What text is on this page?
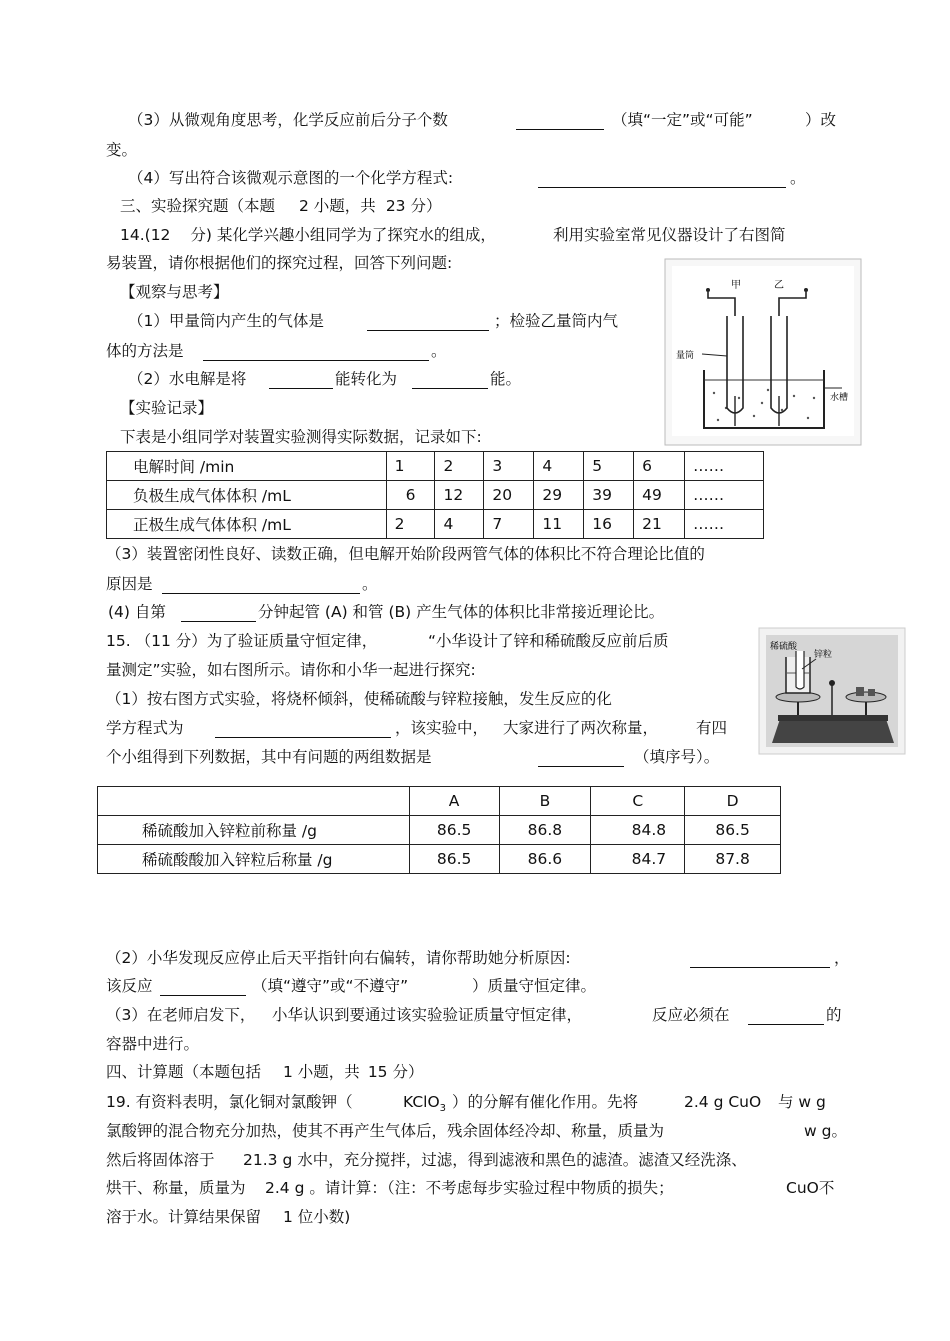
（3）从微观角度思考，化学反应前后分子个数	（填“一定”或“可能”	）改
变。
（4）写出符合该微观示意图的一个化学方程式:	。
三、实验探究题（本题 2 小题，共 23 分）
14.(12 分) 某化学兴趣小组同学为了探究水的组成，	利用实验室常见仪器设计了右图简
易装置，请你根据他们的探究过程，回答下列问题:
【观察与思考】
（1）甲量筒内产生的气体是	；检验乙量筒内气
体的方法是	。
（2）水电解是将	能转化为	能。
【实验记录】
下表是小组同学对装置实验测得实际数据，记录如下:
甲	乙
量筒
水槽
电解时间 /min	1	2	3	4	5	6	……
负极生成气体体积 /mL	6	12	20	29	39	49	……
正极生成气体体积 /mL	2	4	7	11	16	21	……
（3）装置密闭性良好、读数正确，但电解开始阶段两管气体的体积比不符合理论比值的
原因是	。
(4) 自第	分钟起管 (A) 和管 (B) 产生气体的体积比非常接近理论比。
15. （11 分）为了验证质量守恒定律，	“小华设计了锌和稀硫酸反应前后质
量测定”实验，如右图所示。请你和小华一起进行探究:
（1）按右图方式实验，将烧杯倾斜，使稀硫酸与锌粒接触，发生反应的化
学方程式为	，该实验中， 大家进行了两次称量， 有四
个小组得到下列数据，其中有问题的两组数据是	（填序号）。
稀硫酸
锌粒
	A	B	C	D
稀硫酸加入锌粒前称量 /g	86.5	86.8	84.8	86.5
稀硫酸酸加入锌粒后称量 /g	86.5	86.6	84.7	87.8
（2）小华发现反应停止后天平指针向右偏转，请你帮助她分析原因:	，
该反应	（填“遵守”或“不遵守”	）质量守恒定律。
（3）在老师启发下， 小华认识到要通过该实验验证质量守恒定律，	反应必须在	的
容器中进行。
四、计算题（本题包括 1 小题，共 15 分）
19. 有资料表明，氯化铜对氯酸钾（	KClO$_3$ ）的分解有催化作用。先将	2.4 g CuO 与 w g
氯酸钾的混合物充分加热，使其不再产生气体后，残余固体经冷却、称量，质量为	w g。
然后将固体溶于 21.3 g 水中，充分搅拌，过滤，得到滤液和黑色的滤渣。滤渣又经洗涤、
烘干、称量，质量为 2.4 g 。请计算：（注：不考虑每步实验过程中物质的损失；	CuO不
溶于水。计算结果保留 1 位小数)
